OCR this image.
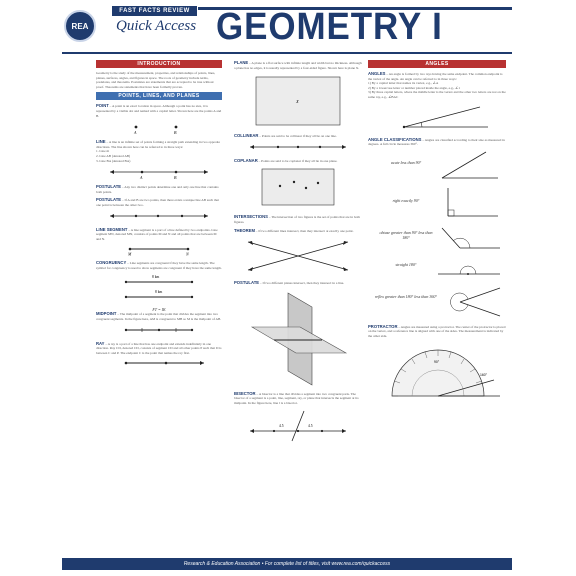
REA
FAST FACTS REVIEW
Quick Access GEOMETRY I
INTRODUCTION
Geometry is the study of the measurement, properties, and relationships of points, lines, planes, surfaces, angles, and figures in space. The roots of geometry include terms, postulates, and theorems. Postulates are statements that are accepted to be true without proof. Theorems are statements that have been formally proven.
POINTS, LINES, AND PLANES
POINT – A point is an exact location in space. Although a point has no size, it is represented by a visible dot and named with a capital letter. Shown here are the points A and B.
A	B
LINE – A line is an infinite set of points forming a straight path extending in two opposite directions. The line shown here can be referred to in three ways:
1. Line m
2. Line AB (denoted AB)
3. Line BA (denoted BA)
A	B
POSTULATE – Any two distinct points determine one and only one line that contains both points.
POSTULATE – If A and B are two points, then there exists a unique line AB such that one point is between the other two.
LINE SEGMENT – A line segment is a part of a line defined by two endpoints. Line segment MN, denoted MN, consists of points M and N and all points that are between M and N.
M	N
CONGRUENCY – Line segments are congruent if they have the same length. The symbol for congruency is used to show segments are congruent if they have the same length.
8 km
8 km
FT = IK
MIDPOINT – The midpoint of a segment is the point that divides the segment into two congruent segments. In the figure here, AM is congruent to MB so M is the midpoint of AB.
RAY – A ray is a part of a line that has one endpoint and extends indefinitely in one direction. Ray CD, denoted CD, consists of segment CD and all other points P such that D is between C and P. The endpoint C is the point that names the ray first.
PLANE – A plane is a flat surface with infinite length and width but no thickness. Although a plane has no edges, it is usually represented by a four-sided figure. Shown here is plane X.
X
COLLINEAR – Points are said to be collinear if they all lie on one line.
COPLANAR – Points are said to be coplanar if they all lie in one plane.
INTERSECTIONS – The intersection of two figures is the set of points that are in both figures.
THEOREM – If two different lines intersect, then they intersect at exactly one point.
POSTULATE – If two different planes intersect, then they intersect in a line.
BISECTOR – A bisector is a line that divides a segment into two congruent parts. The bisector of a segment is a point, line, segment, ray, or plane that intersects the segment at its midpoint. In the figure here, line l is a bisector.
4.5	4.5
ANGLES
ANGLES – An angle is formed by two rays having the same endpoint. The common endpoint is the vertex of the angle. An angle can be referred to in three ways:
1) By a capital letter that names its vertex, e.g., ∠A
2) By a lowercase letter or number placed inside the angle, e.g., ∠1
3) By three capital letters, where the middle letter is the vertex and the other two letters are not on the same ray, e.g., ∠BAC
ANGLE CLASSIFICATIONS – Angles are classified according to their size as measured in degrees. A full circle measures 360°.
acute less than 90°
right exactly 90°
obtuse greater than 90° less than 180°
straight 180°
reflex greater than 180° less than 360°
PROTRACTOR – Angles are measured using a protractor. The center of the protractor is placed on the vertex, and a reference line is aligned with one of the sides. The measurement is indicated by the other side.
90°
160°
Research & Education Association • For complete list of titles, visit www.rea.com/quickaccess
